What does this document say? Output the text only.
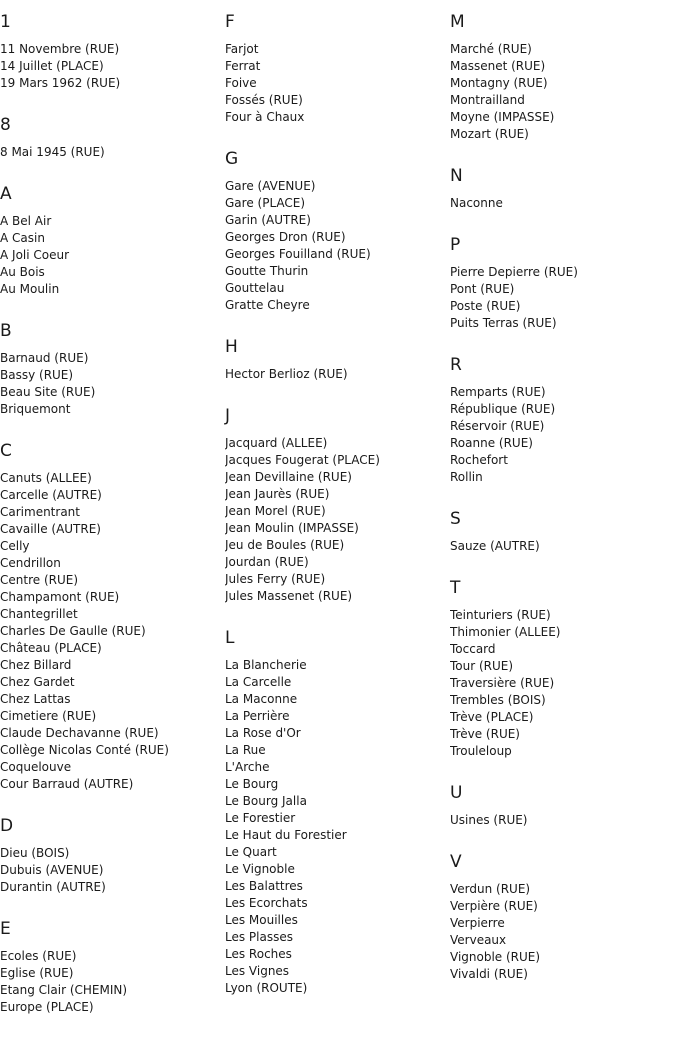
1
11 Novembre (RUE)
14 Juillet (PLACE)
19 Mars 1962 (RUE)
8
8 Mai 1945 (RUE)
A
A Bel Air
A Casin
A Joli Coeur
Au Bois
Au Moulin
B
Barnaud (RUE)
Bassy (RUE)
Beau Site (RUE)
Briquemont
C
Canuts (ALLEE)
Carcelle (AUTRE)
Carimentrant
Cavaille (AUTRE)
Celly
Cendrillon
Centre (RUE)
Champamont (RUE)
Chantegrillet
Charles De Gaulle (RUE)
Château (PLACE)
Chez Billard
Chez Gardet
Chez Lattas
Cimetiere (RUE)
Claude Dechavanne (RUE)
Collège Nicolas Conté (RUE)
Coquelouve
Cour Barraud (AUTRE)
D
Dieu (BOIS)
Dubuis (AVENUE)
Durantin (AUTRE)
E
Ecoles (RUE)
Eglise (RUE)
Etang Clair (CHEMIN)
Europe (PLACE)
F
Farjot
Ferrat
Foive
Fossés (RUE)
Four à Chaux
G
Gare (AVENUE)
Gare (PLACE)
Garin (AUTRE)
Georges Dron (RUE)
Georges Fouilland (RUE)
Goutte Thurin
Gouttelau
Gratte Cheyre
H
Hector Berlioz (RUE)
J
Jacquard (ALLEE)
Jacques Fougerat (PLACE)
Jean Devillaine (RUE)
Jean Jaurès (RUE)
Jean Morel (RUE)
Jean Moulin (IMPASSE)
Jeu de Boules (RUE)
Jourdan (RUE)
Jules Ferry (RUE)
Jules Massenet (RUE)
L
La Blancherie
La Carcelle
La Maconne
La Perrière
La Rose d'Or
La Rue
L'Arche
Le Bourg
Le Bourg Jalla
Le Forestier
Le Haut du Forestier
Le Quart
Le Vignoble
Les Balattres
Les Ecorchats
Les Mouilles
Les Plasses
Les Roches
Les Vignes
Lyon (ROUTE)
M
Marché (RUE)
Massenet (RUE)
Montagny (RUE)
Montrailland
Moyne (IMPASSE)
Mozart (RUE)
N
Naconne
P
Pierre Depierre (RUE)
Pont (RUE)
Poste (RUE)
Puits Terras (RUE)
R
Remparts (RUE)
République (RUE)
Réservoir (RUE)
Roanne (RUE)
Rochefort
Rollin
S
Sauze (AUTRE)
T
Teinturiers (RUE)
Thimonier (ALLEE)
Toccard
Tour (RUE)
Traversière (RUE)
Trembles (BOIS)
Trève (PLACE)
Trève (RUE)
Trouleloup
U
Usines (RUE)
V
Verdun (RUE)
Verpière (RUE)
Verpierre
Verveaux
Vignoble (RUE)
Vivaldi (RUE)
